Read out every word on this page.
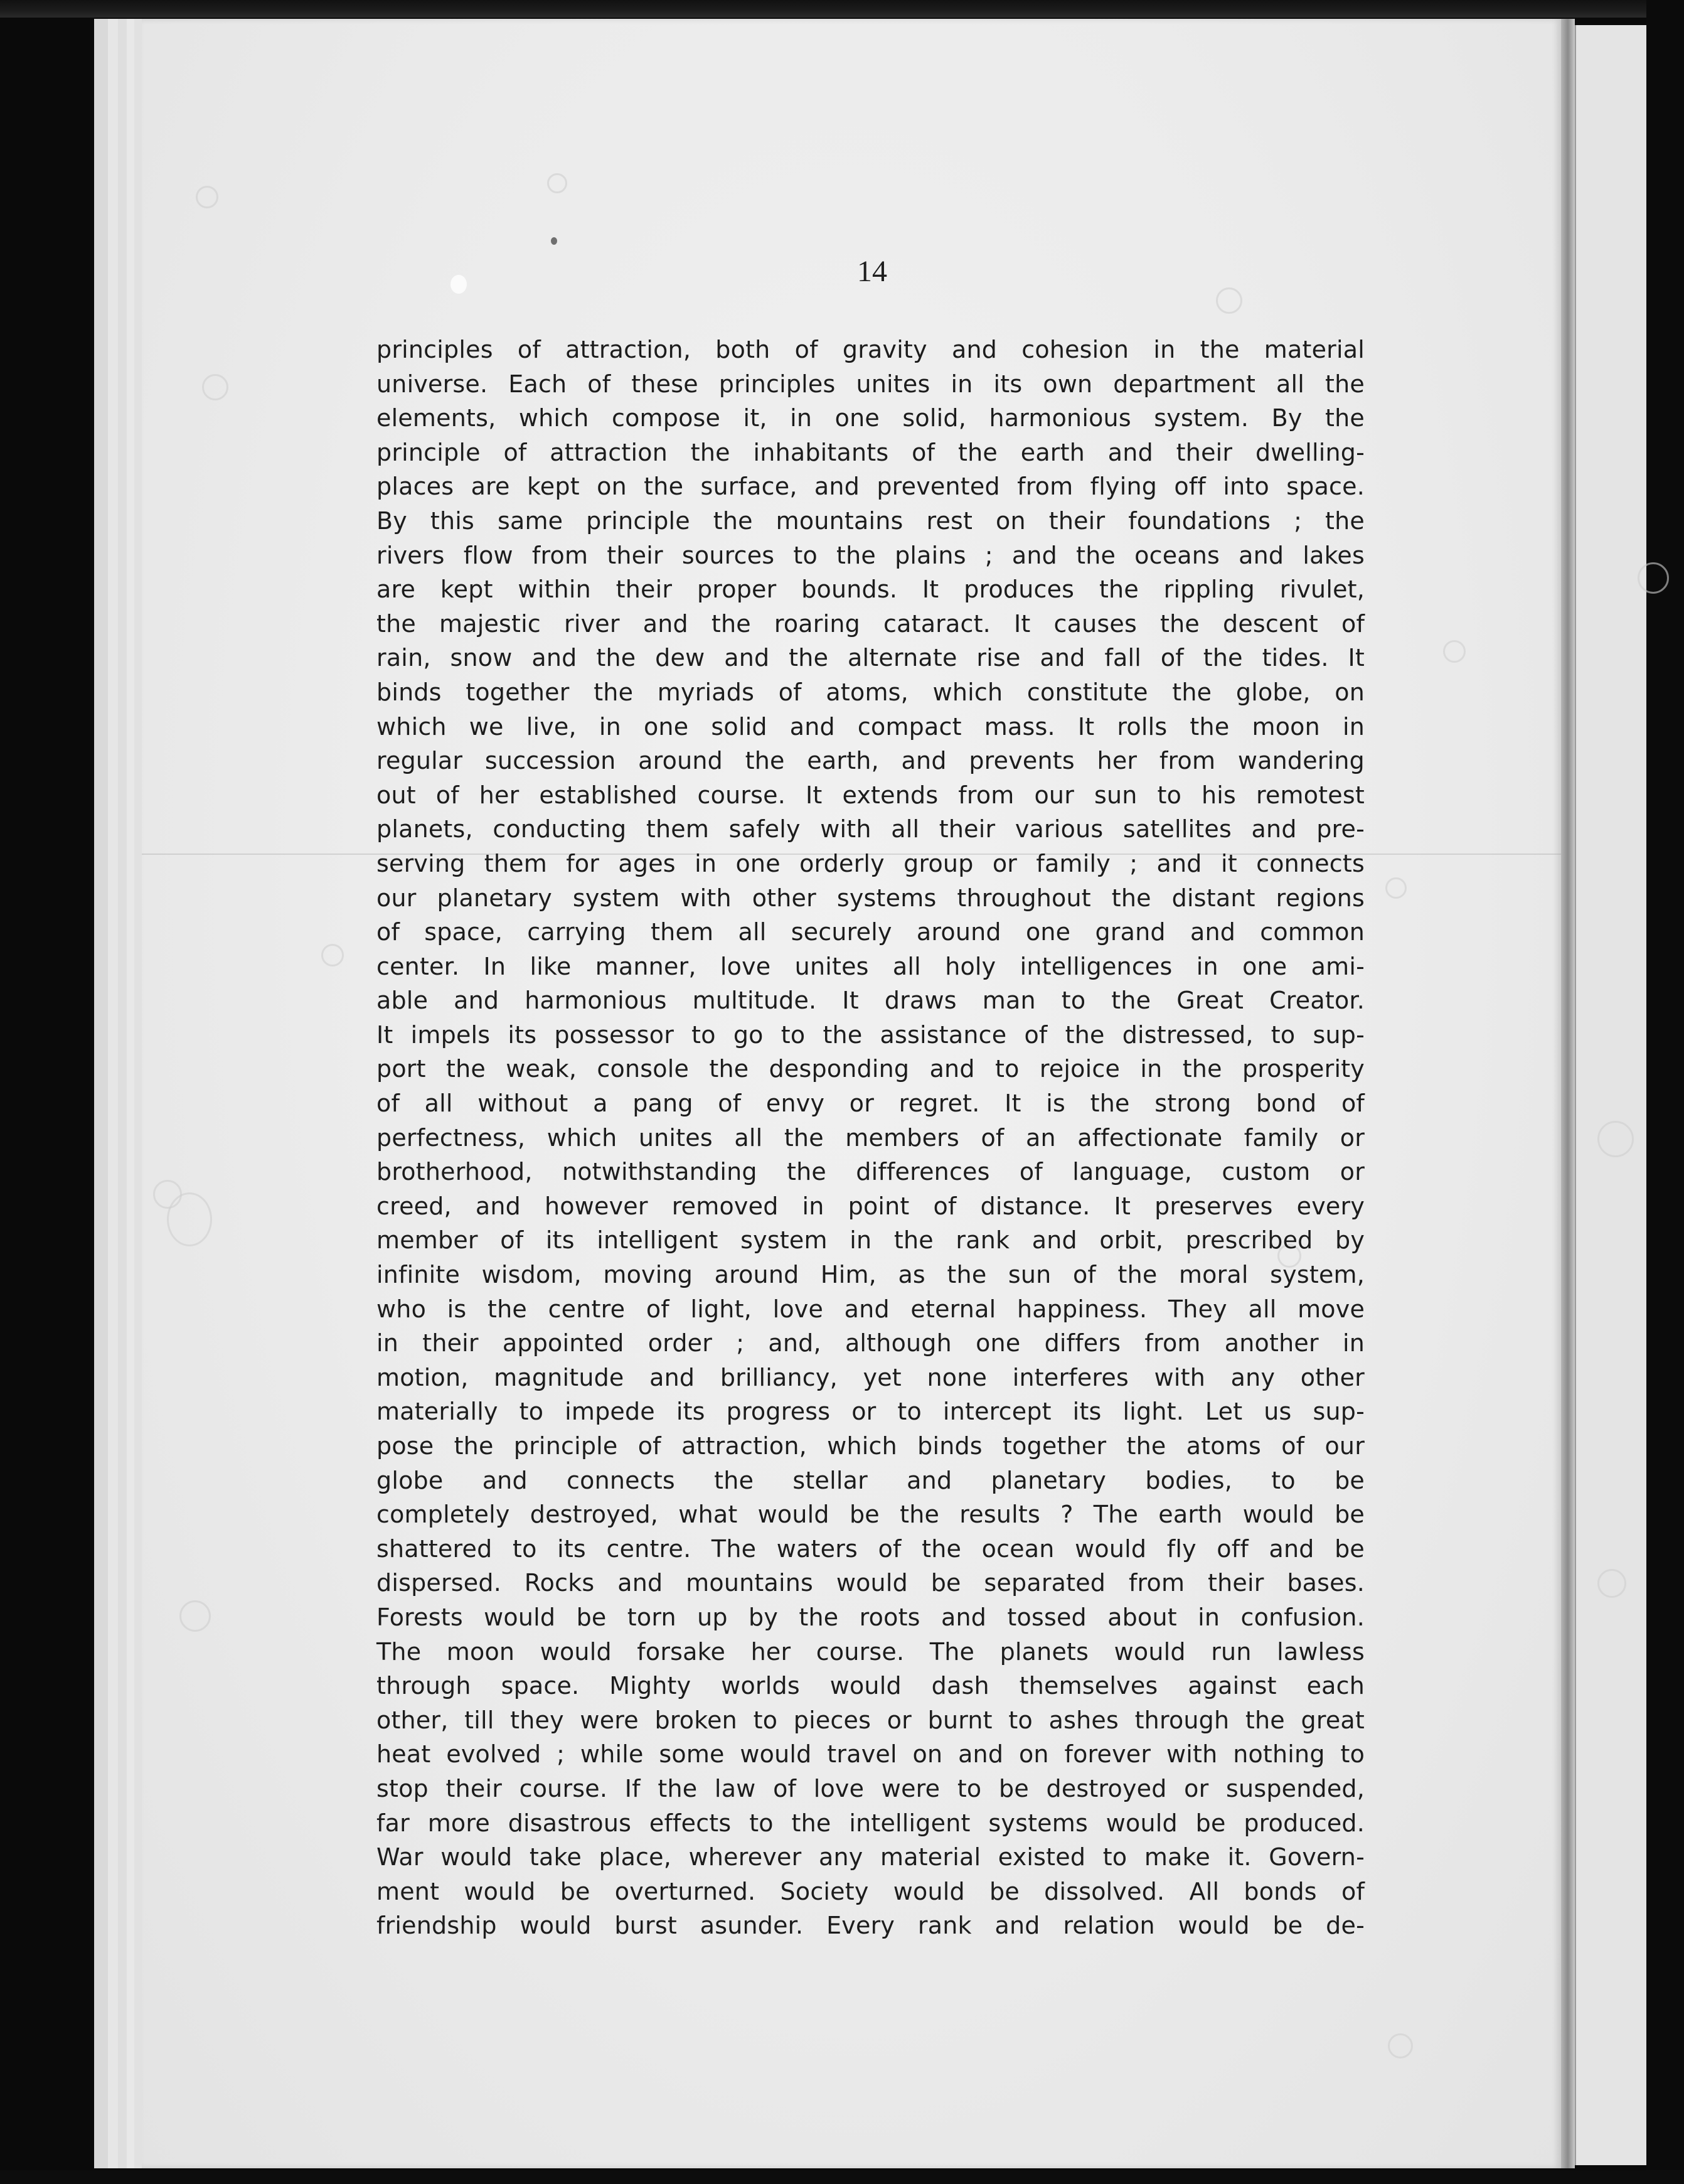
14
principles of attraction, both of gravity and cohesion in the material
universe. Each of these principles unites in its own department all the
elements, which compose it, in one solid, harmonious system. By the
principle of attraction the inhabitants of the earth and their dwelling-
places are kept on the surface, and prevented from flying off into space.
By this same principle the mountains rest on their foundations ; the
rivers flow from their sources to the plains ; and the oceans and lakes
are kept within their proper bounds. It produces the rippling rivulet,
the majestic river and the roaring cataract. It causes the descent of
rain, snow and the dew and the alternate rise and fall of the tides. It
binds together the myriads of atoms, which constitute the globe, on
which we live, in one solid and compact mass. It rolls the moon in
regular succession around the earth, and prevents her from wandering
out of her established course. It extends from our sun to his remotest
planets, conducting them safely with all their various satellites and pre-
serving them for ages in one orderly group or family ; and it connects
our planetary system with other systems throughout the distant regions
of space, carrying them all securely around one grand and common
center. In like manner, love unites all holy intelligences in one ami-
able and harmonious multitude. It draws man to the Great Creator.
It impels its possessor to go to the assistance of the distressed, to sup-
port the weak, console the desponding and to rejoice in the prosperity
of all without a pang of envy or regret. It is the strong bond of
perfectness, which unites all the members of an affectionate family or
brotherhood, notwithstanding the differences of language, custom or
creed, and however removed in point of distance. It preserves every
member of its intelligent system in the rank and orbit, prescribed by
infinite wisdom, moving around Him, as the sun of the moral system,
who is the centre of light, love and eternal happiness. They all move
in their appointed order ; and, although one differs from another in
motion, magnitude and brilliancy, yet none interferes with any other
materially to impede its progress or to intercept its light. Let us sup-
pose the principle of attraction, which binds together the atoms of our
globe and connects the stellar and planetary bodies, to be
completely destroyed, what would be the results ? The earth would be
shattered to its centre. The waters of the ocean would fly off and be
dispersed. Rocks and mountains would be separated from their bases.
Forests would be torn up by the roots and tossed about in confusion.
The moon would forsake her course. The planets would run lawless
through space. Mighty worlds would dash themselves against each
other, till they were broken to pieces or burnt to ashes through the great
heat evolved ; while some would travel on and on forever with nothing to
stop their course. If the law of love were to be destroyed or suspended,
far more disastrous effects to the intelligent systems would be produced.
War would take place, wherever any material existed to make it. Govern-
ment would be overturned. Society would be dissolved. All bonds of
friendship would burst asunder. Every rank and relation would be de-
